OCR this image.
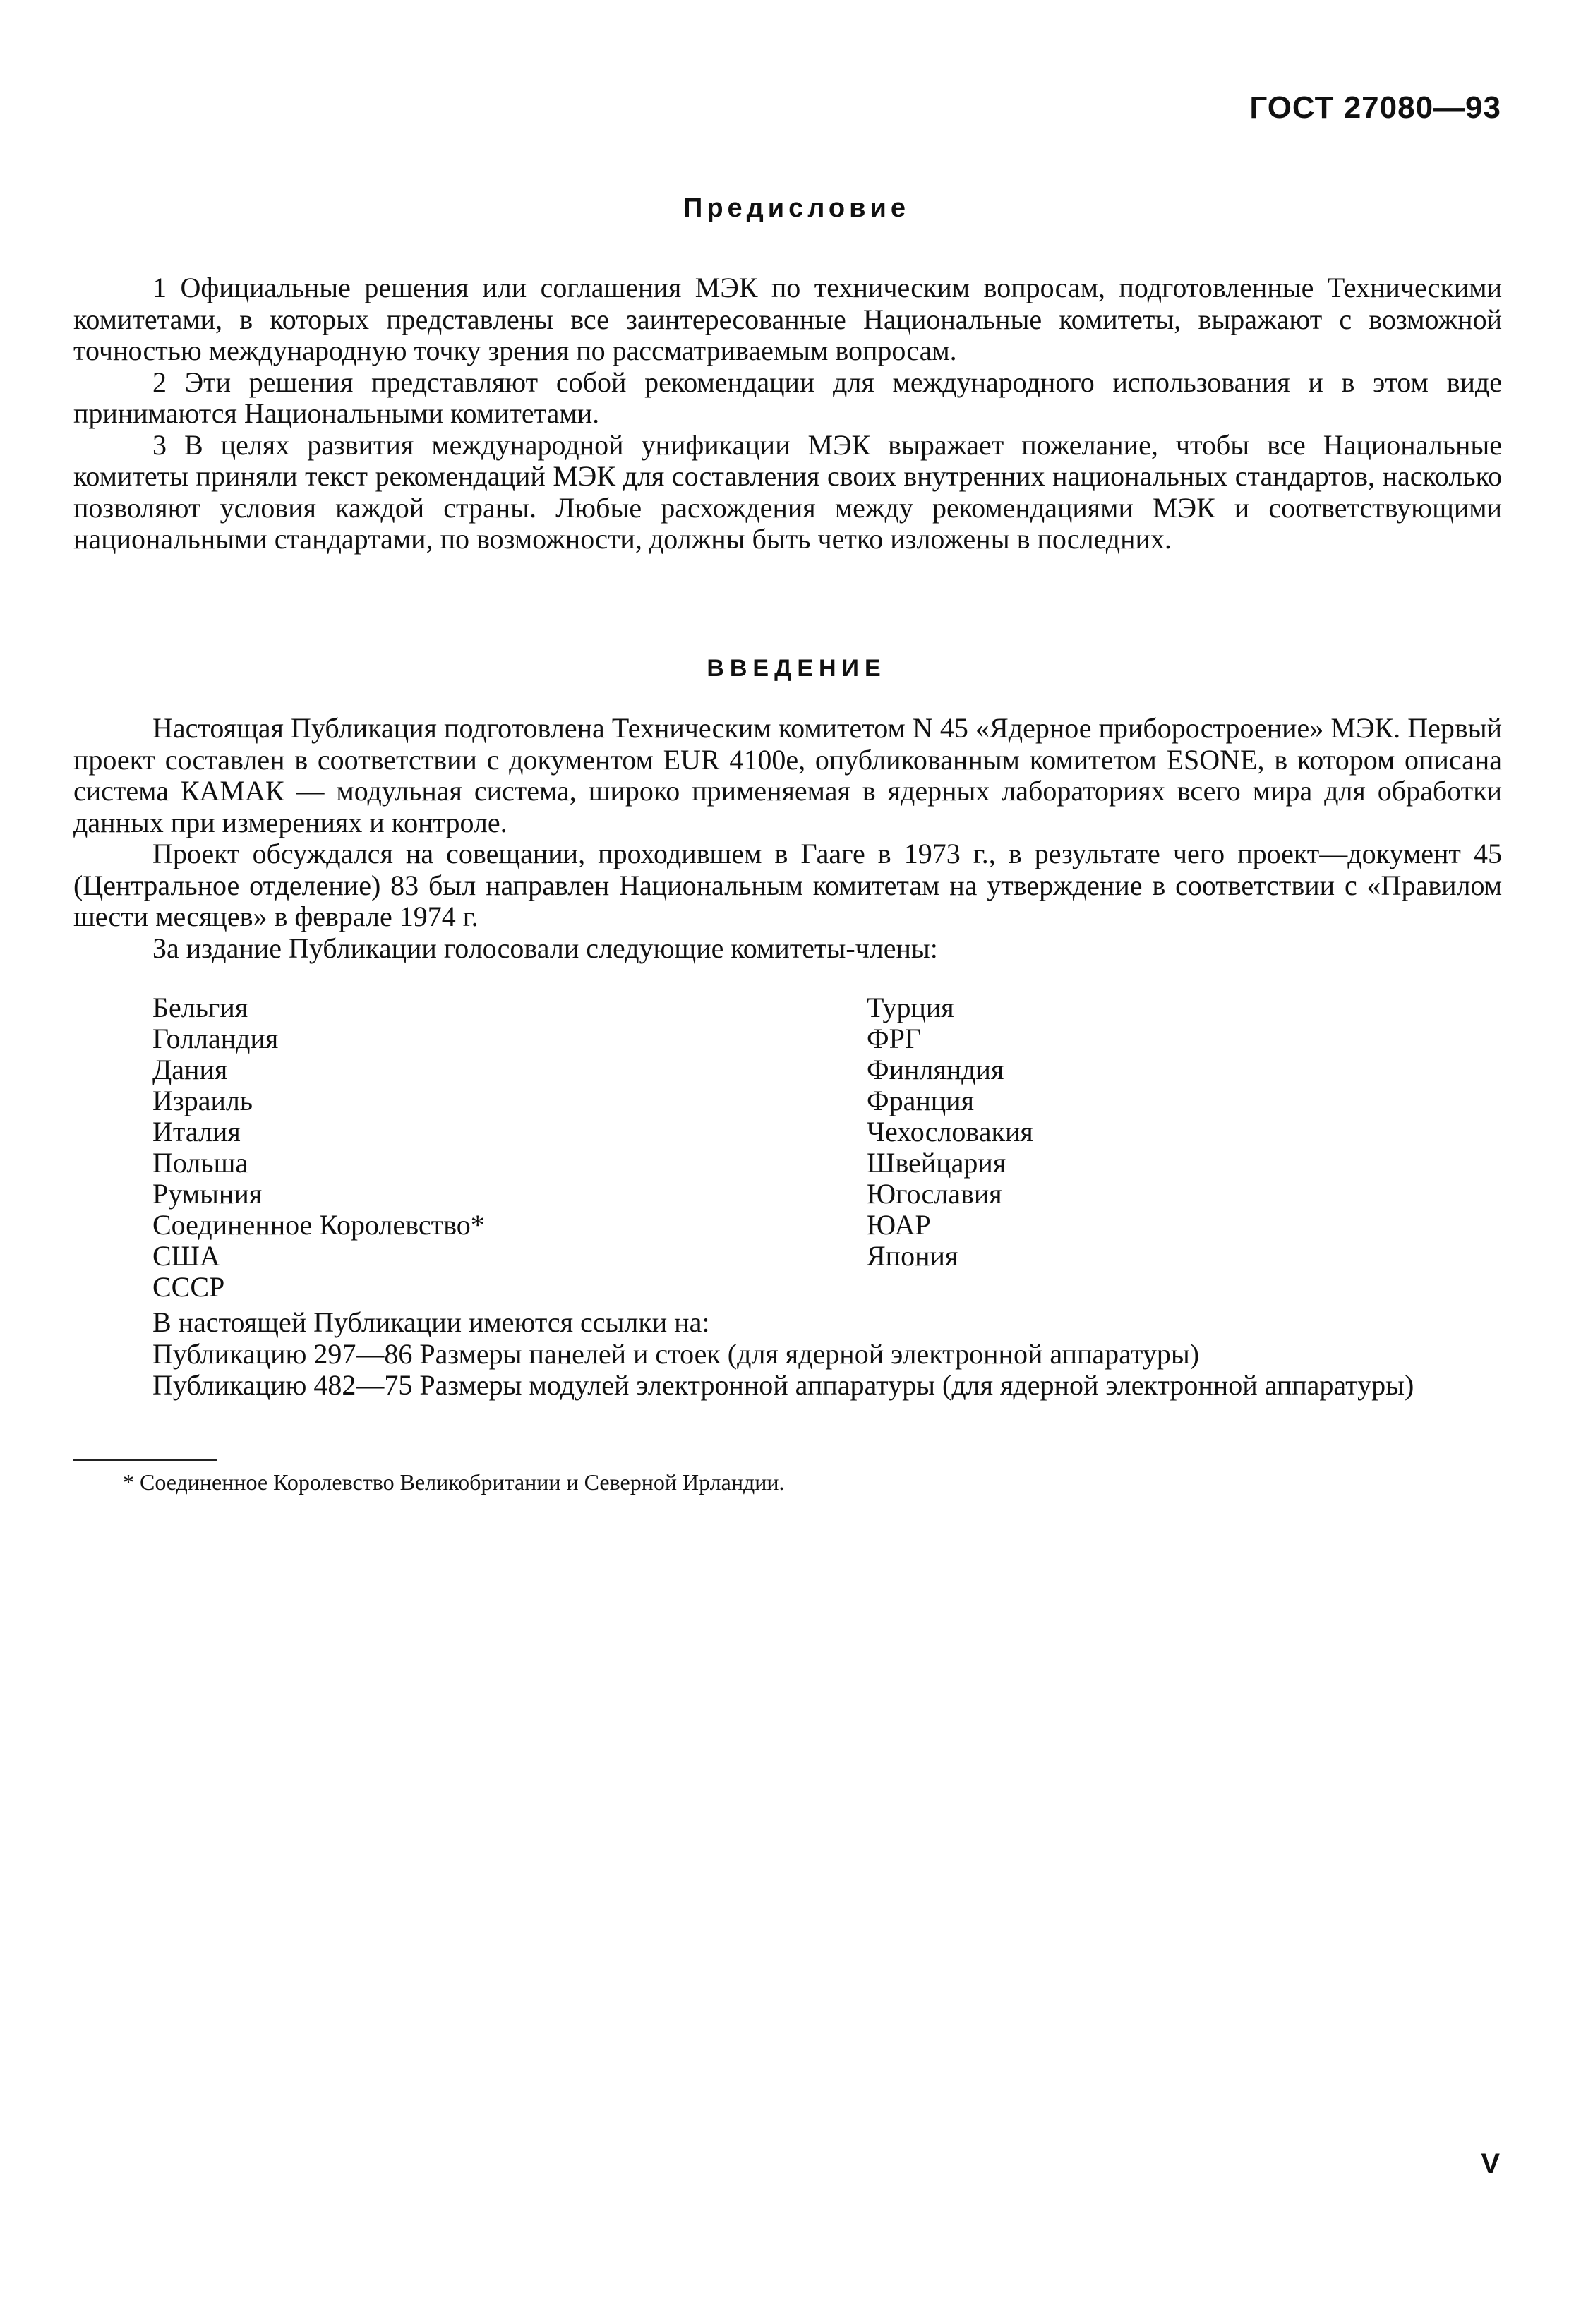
ГОСТ 27080—93
Предисловие

1 Официальные решения или соглашения МЭК по техническим вопросам, подготовленные Техническими комитетами, в которых представлены все заинтересованные Национальные комитеты, выражают с возможной точностью международную точку зрения по рассматриваемым вопросам.

2 Эти решения представляют собой рекомендации для международного использования и в этом виде принимаются Национальными комитетами.

3 В целях развития международной унификации МЭК выражает пожелание, чтобы все Национальные комитеты приняли текст рекомендаций МЭК для составления своих внутренних национальных стандартов, насколько позволяют условия каждой страны. Любые расхождения между рекомендациями МЭК и соответствующими национальными стандартами, по возможности, должны быть четко изложены в последних.

ВВЕДЕНИЕ

Настоящая Публикация подготовлена Техническим комитетом N 45 «Ядерное приборостроение» МЭК. Первый проект составлен в соответствии с документом EUR 4100е, опубликованным комитетом ESONE, в котором описана система КАМАК — модульная система, широко применяемая в ядерных лабораториях всего мира для обработки данных при измерениях и контроле.

Проект обсуждался на совещании, проходившем в Гааге в 1973 г., в результате чего проект—документ 45 (Центральное отделение) 83 был направлен Национальным комитетам на утверждение в соответствии с «Правилом шести месяцев» в феврале 1974 г.

За издание Публикации голосовали следующие комитеты-члены:

Бельгия
Голландия
Дания
Израиль
Италия
Польша
Румыния
Соединенное Королевство*
США
СССР
Турция
ФРГ
Финляндия
Франция
Чехословакия
Швейцария
Югославия
ЮАР
Япония

В настоящей Публикации имеются ссылки на:

Публикацию 297—86 Размеры панелей и стоек (для ядерной электронной аппаратуры)

Публикацию 482—75 Размеры модулей электронной аппаратуры (для ядерной электронной аппаратуры)

* Соединенное Королевство Великобритании и Северной Ирландии.
V
